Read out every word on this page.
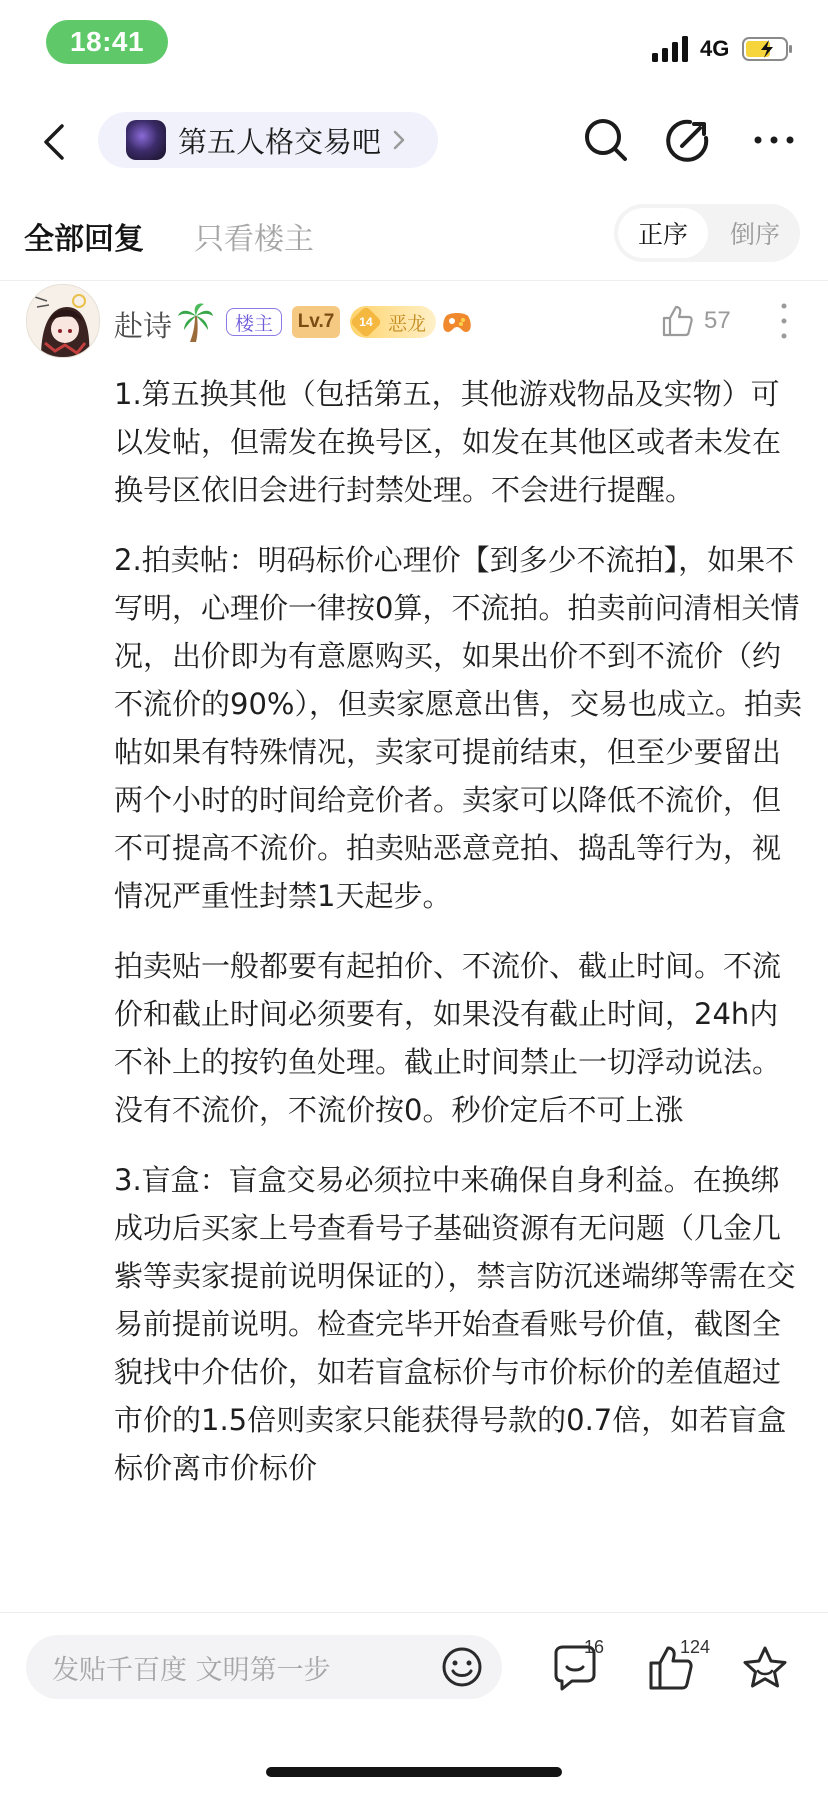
18:41	4G
第五人格交易吧
全部回复 只看楼主	正序	倒序
赴诗	楼主	Lv.7	14 恶龙	57

1.第五换其他（包括第五，其他游戏物品及实物）可以发帖，但需发在换号区，如发在其他区或者未发在换号区依旧会进行封禁处理。不会进行提醒。

2.拍卖帖：明码标价心理价【到多少不流拍】，如果不写明，心理价一律按0算，不流拍。拍卖前问清相关情况，出价即为有意愿购买，如果出价不到不流价（约不流价的90%），但卖家愿意出售，交易也成立。拍卖帖如果有特殊情况，卖家可提前结束，但至少要留出两个小时的时间给竞价者。卖家可以降低不流价，但不可提高不流价。拍卖贴恶意竞拍、捣乱等行为，视情况严重性封禁1天起步。

拍卖贴一般都要有起拍价、不流价、截止时间。不流价和截止时间必须要有，如果没有截止时间，24h内不补上的按钓鱼处理。截止时间禁止一切浮动说法。没有不流价，不流价按0。秒价定后不可上涨

3.盲盒：盲盒交易必须拉中来确保自身利益。在换绑成功后买家上号查看号子基础资源有无问题（几金几紫等卖家提前说明保证的），禁言防沉迷端绑等需在交易前提前说明。检查完毕开始查看账号价值，截图全貌找中介估价，如若盲盒标价与市价标价的差值超过市价的1.5倍则卖家只能获得号款的0.7倍，如若盲盒标价离市价标价

发贴千百度 文明第一步
16	124
